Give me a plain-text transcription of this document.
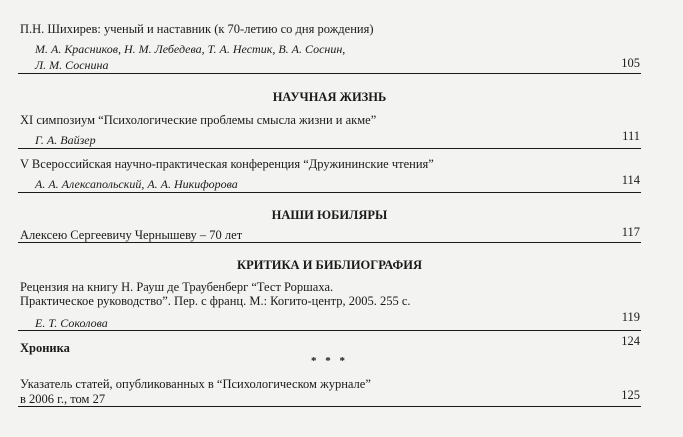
П.Н. Шихирев: ученый и наставник (к 70-летию со дня рождения)
М. А. Красников, Н. М. Лебедева, Т. А. Нестик, В. А. Соснин,
Л. М. Соснина	105
НАУЧНАЯ ЖИЗНЬ
XI симпозиум “Психологические проблемы смысла жизни и акме”
Г. А. Вайзер	111
V Всероссийская научно-практическая конференция “Дружининские чтения”
А. А. Алексапольский, А. А. Никифорова	114
НАШИ ЮБИЛЯРЫ
Алексею Сергеевичу Чернышеву – 70 лет	117
КРИТИКА И БИБЛИОГРАФИЯ
Рецензия на книгу Н. Рауш де Траубенберг “Тест Роршаха.
Практическое руководство”. Пер. с франц. М.: Когито-центр, 2005. 255 с.
Е. Т. Соколова	119
Хроника	124
* * *
Указатель статей, опубликованных в “Психологическом журнале”
в 2006 г., том 27	125
